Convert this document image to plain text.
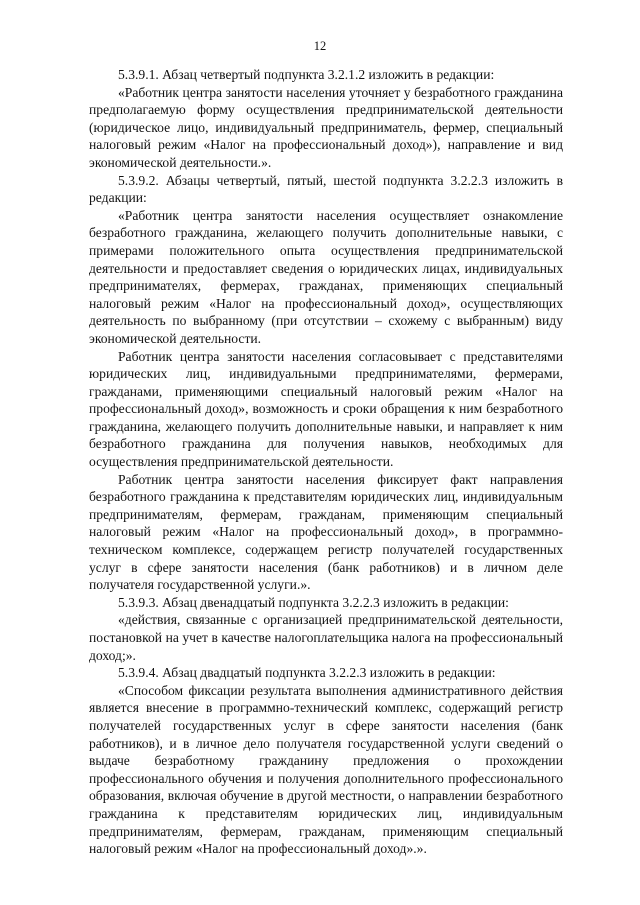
12

5.3.9.1. Абзац четвертый подпункта 3.2.1.2 изложить в редакции:

«Работник центра занятости населения уточняет у безработного гражданина предполагаемую форму осуществления предпринимательской деятельности (юридическое лицо, индивидуальный предприниматель, фермер, специальный налоговый режим «Налог на профессиональный доход»), направление и вид экономической деятельности.».

5.3.9.2. Абзацы четвертый, пятый, шестой подпункта 3.2.2.3 изложить в редакции:

«Работник центра занятости населения осуществляет ознакомление безработного гражданина, желающего получить дополнительные навыки, с примерами положительного опыта осуществления предпринимательской деятельности и предоставляет сведения о юридических лицах, индивидуальных предпринимателях, фермерах, гражданах, применяющих специальный налоговый режим «Налог на профессиональный доход», осуществляющих деятельность по выбранному (при отсутствии – схожему с выбранным) виду экономической деятельности.

Работник центра занятости населения согласовывает с представителями юридических лиц, индивидуальными предпринимателями, фермерами, гражданами, применяющими специальный налоговый режим «Налог на профессиональный доход», возможность и сроки обращения к ним безработного гражданина, желающего получить дополнительные навыки, и направляет к ним безработного гражданина для получения навыков, необходимых для осуществления предпринимательской деятельности.

Работник центра занятости населения фиксирует факт направления безработного гражданина к представителям юридических лиц, индивидуальным предпринимателям, фермерам, гражданам, применяющим специальный налоговый режим «Налог на профессиональный доход», в программно-техническом комплексе, содержащем регистр получателей государственных услуг в сфере занятости населения (банк работников) и в личном деле получателя государственной услуги.».

5.3.9.3. Абзац двенадцатый подпункта 3.2.2.3 изложить в редакции:

«действия, связанные с организацией предпринимательской деятельности, постановкой на учет в качестве налогоплательщика налога на профессиональный доход;».

5.3.9.4. Абзац двадцатый подпункта 3.2.2.3 изложить в редакции:

«Способом фиксации результата выполнения административного действия является внесение в программно-технический комплекс, содержащий регистр получателей государственных услуг в сфере занятости населения (банк работников), и в личное дело получателя государственной услуги сведений о выдаче безработному гражданину предложения о прохождении профессионального обучения и получения дополнительного профессионального образования, включая обучение в другой местности, о направлении безработного гражданина к представителям юридических лиц, индивидуальным предпринимателям, фермерам, гражданам, применяющим специальный налоговый режим «Налог на профессиональный доход».».
